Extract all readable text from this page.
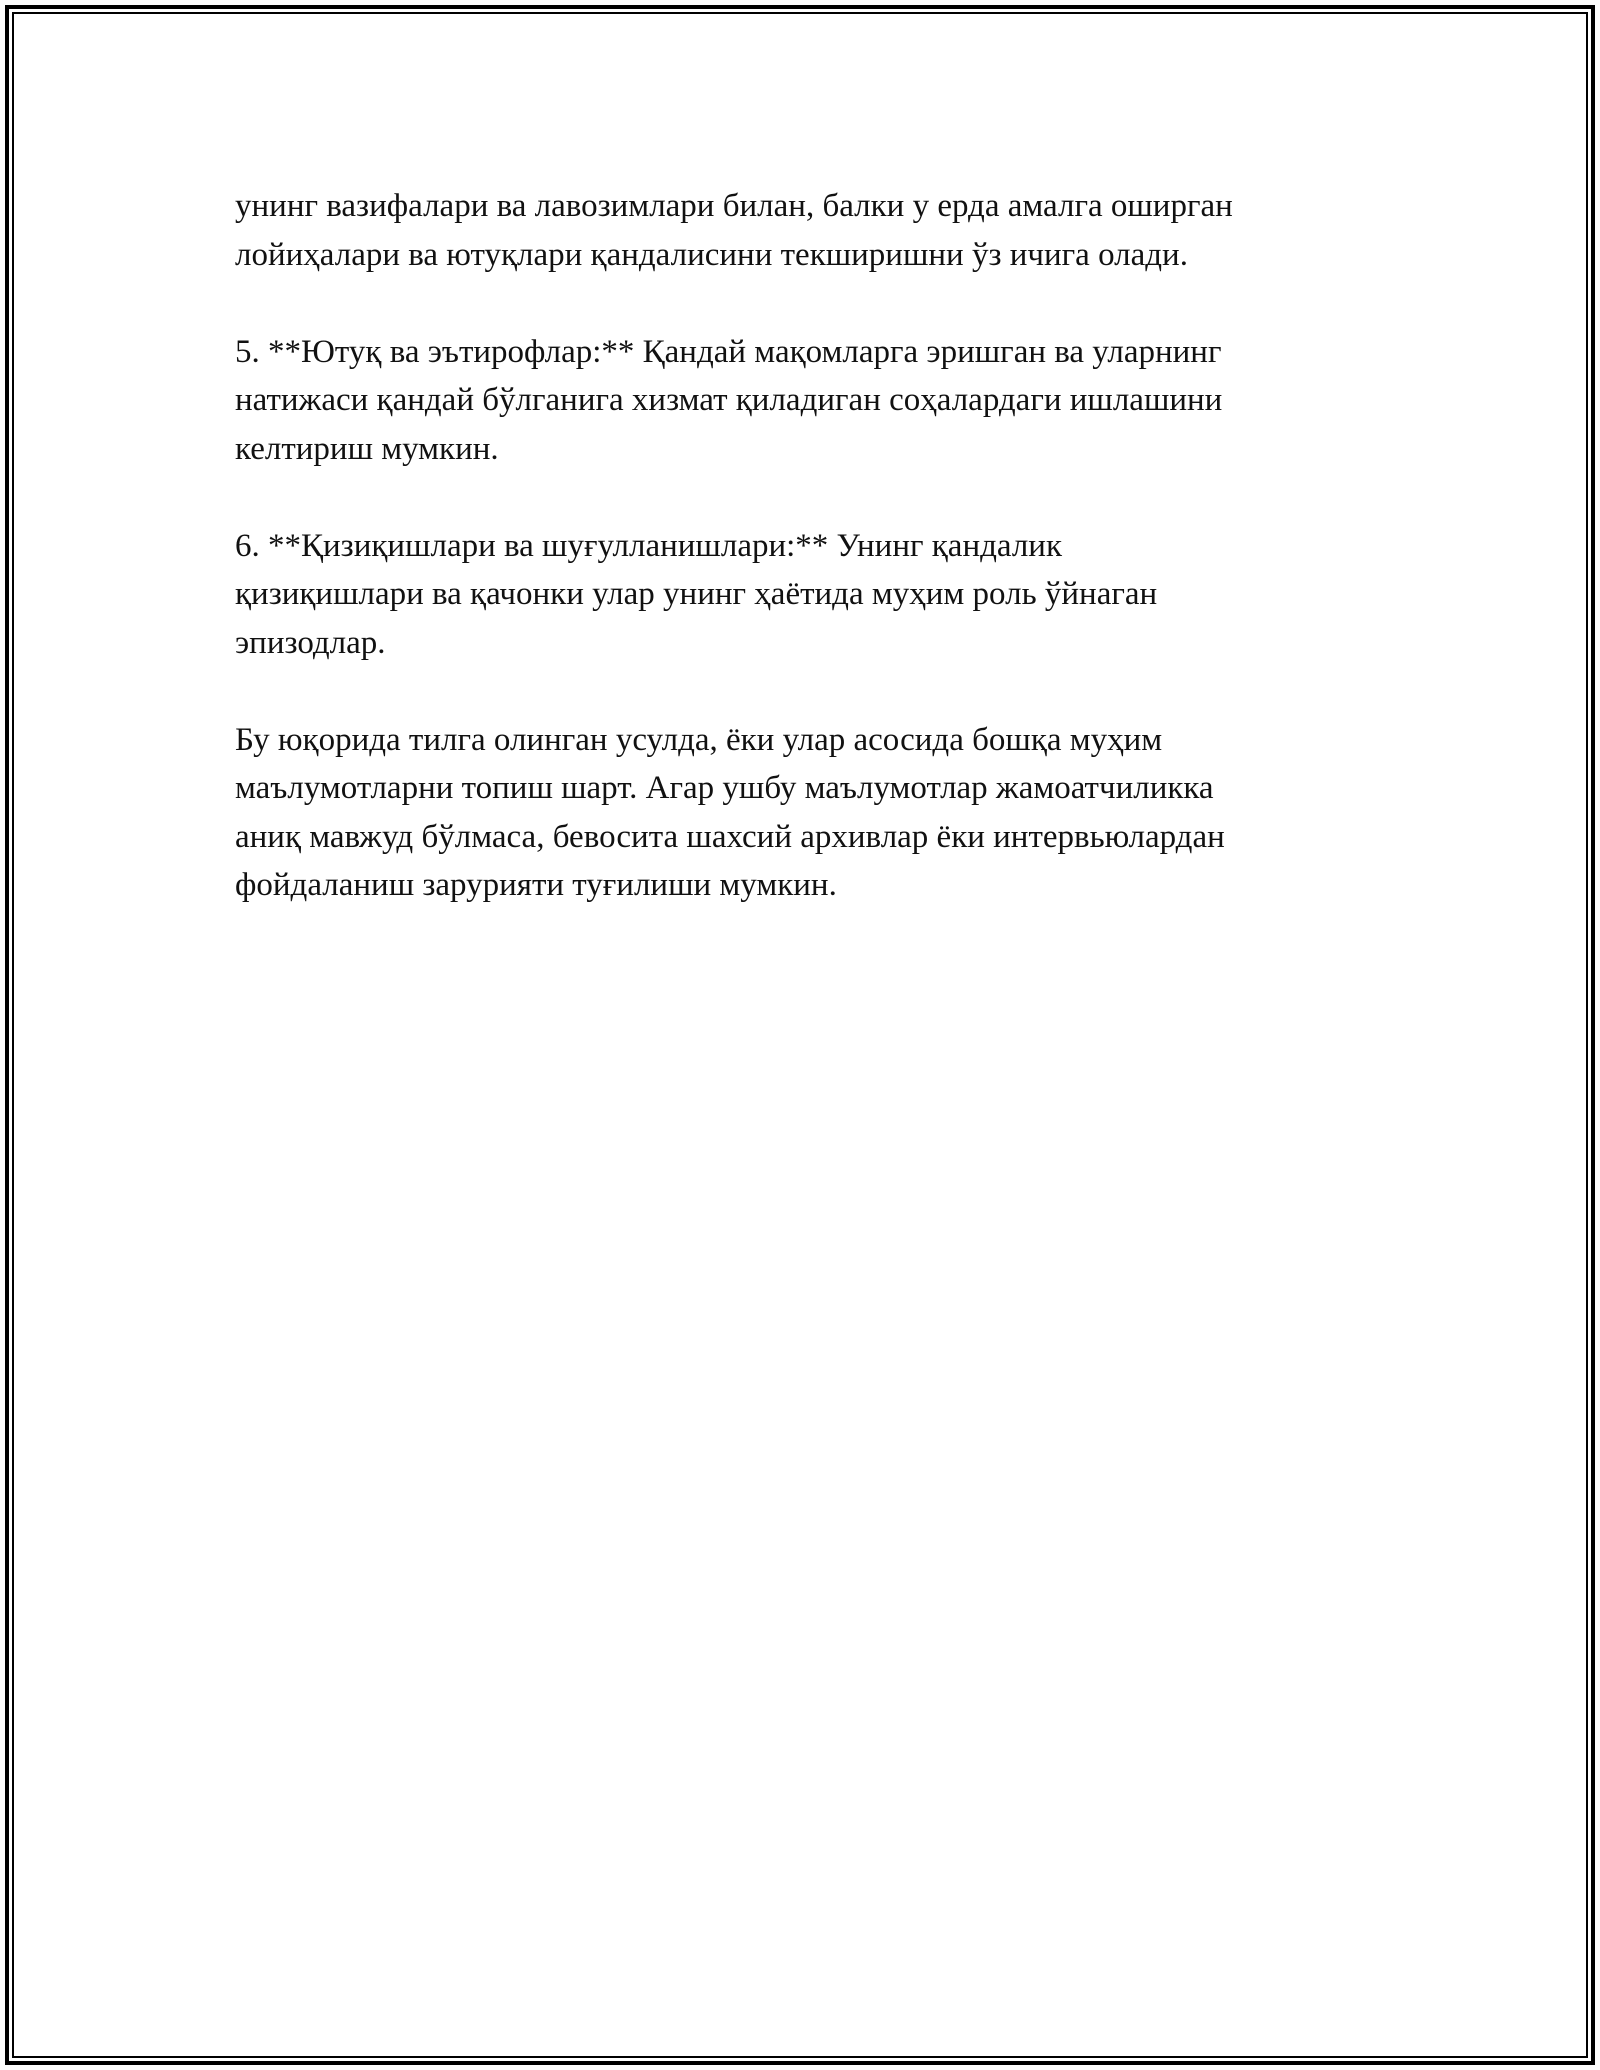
унинг вазифалари ва лавозимлари билан, балки у ерда амалга оширган
лойиҳалари ва ютуқлари қандалисини текширишни ўз ичига олади.

5. **Ютуқ ва эътирофлар:** Қандай мақомларга эришган ва уларнинг
натижаси қандай бўлганига хизмат қиладиган соҳалардаги ишлашини
келтириш мумкин.

6. **Қизиқишлари ва шуғулланишлари:** Унинг қандалик
қизиқишлари ва қачонки улар унинг ҳаётида муҳим роль ўйнаган
эпизодлар.

Бу юқорида тилга олинган усулда, ёки улар асосида бошқа муҳим
маълумотларни топиш шарт. Агар ушбу маълумотлар жамоатчиликка
аниқ мавжуд бўлмаса, бевосита шахсий архивлар ёки интервьюлардан
фойдаланиш зарурияти туғилиши мумкин.
